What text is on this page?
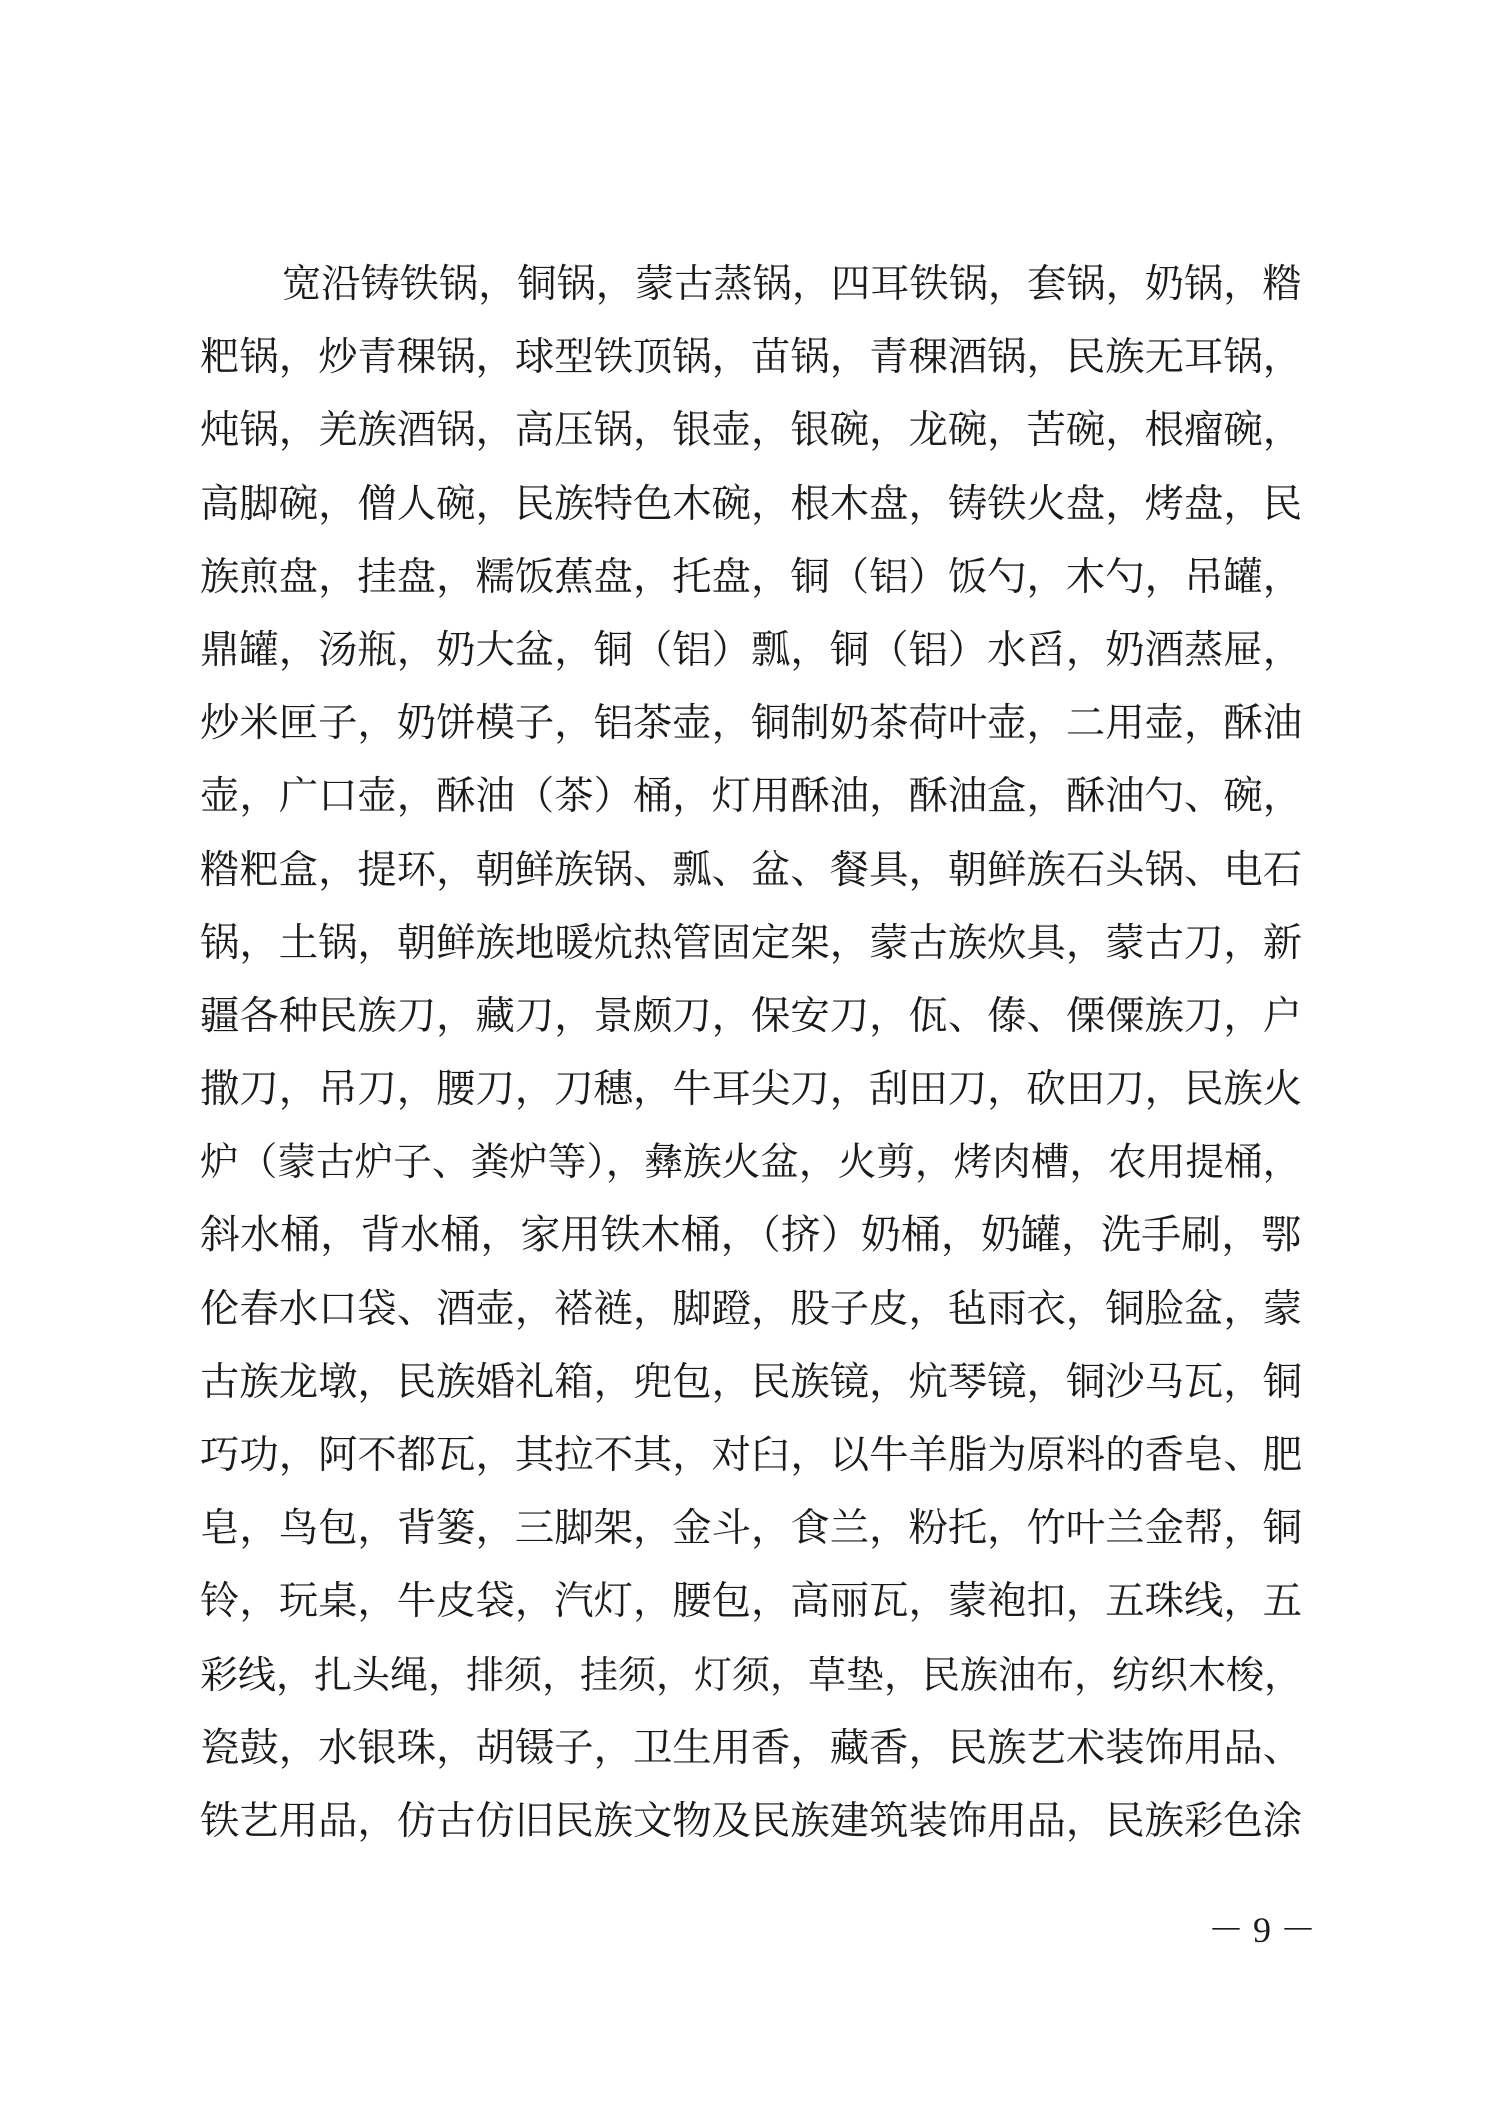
宽沿铸铁锅，铜锅，蒙古蒸锅，四耳铁锅，套锅，奶锅，糌
粑锅，炒青稞锅，球型铁顶锅，苗锅，青稞酒锅，民族无耳锅，
炖锅，羌族酒锅，高压锅，银壶，银碗，龙碗，苦碗，根瘤碗，
高脚碗，僧人碗，民族特色木碗，根木盘，铸铁火盘，烤盘，民
族煎盘，挂盘，糯饭蕉盘，托盘，铜（铝）饭勺，木勺，吊罐，
鼎罐，汤瓶，奶大盆，铜（铝）瓢，铜（铝）水舀，奶酒蒸屉，
炒米匣子，奶饼模子，铝茶壶，铜制奶茶荷叶壶，二用壶，酥油
壶，广口壶，酥油（茶）桶，灯用酥油，酥油盒，酥油勺、碗，
糌粑盒，提环，朝鲜族锅、瓢、盆、餐具，朝鲜族石头锅、电石
锅，土锅，朝鲜族地暖炕热管固定架，蒙古族炊具，蒙古刀，新
疆各种民族刀，藏刀，景颇刀，保安刀，佤、傣、傈僳族刀，户
撒刀，吊刀，腰刀，刀穗，牛耳尖刀，刮田刀，砍田刀，民族火
炉（蒙古炉子、粪炉等），彝族火盆，火剪，烤肉槽，农用提桶，
斜水桶，背水桶，家用铁木桶，（挤）奶桶，奶罐，洗手刷，鄂
伦春水口袋、酒壶，褡裢，脚蹬，股子皮，毡雨衣，铜脸盆，蒙
古族龙墩，民族婚礼箱，兜包，民族镜，炕琴镜，铜沙马瓦，铜
巧功，阿不都瓦，其拉不其，对臼，以牛羊脂为原料的香皂、肥
皂，鸟包，背篓，三脚架，金斗，食兰，粉托，竹叶兰金帮，铜
铃，玩桌，牛皮袋，汽灯，腰包，高丽瓦，蒙袍扣，五珠线，五
彩线，扎头绳，排须，挂须，灯须，草垫，民族油布，纺织木梭，
瓷鼓，水银珠，胡镊子，卫生用香，藏香，民族艺术装饰用品、
铁艺用品，仿古仿旧民族文物及民族建筑装饰用品，民族彩色涂
－ 9 －
